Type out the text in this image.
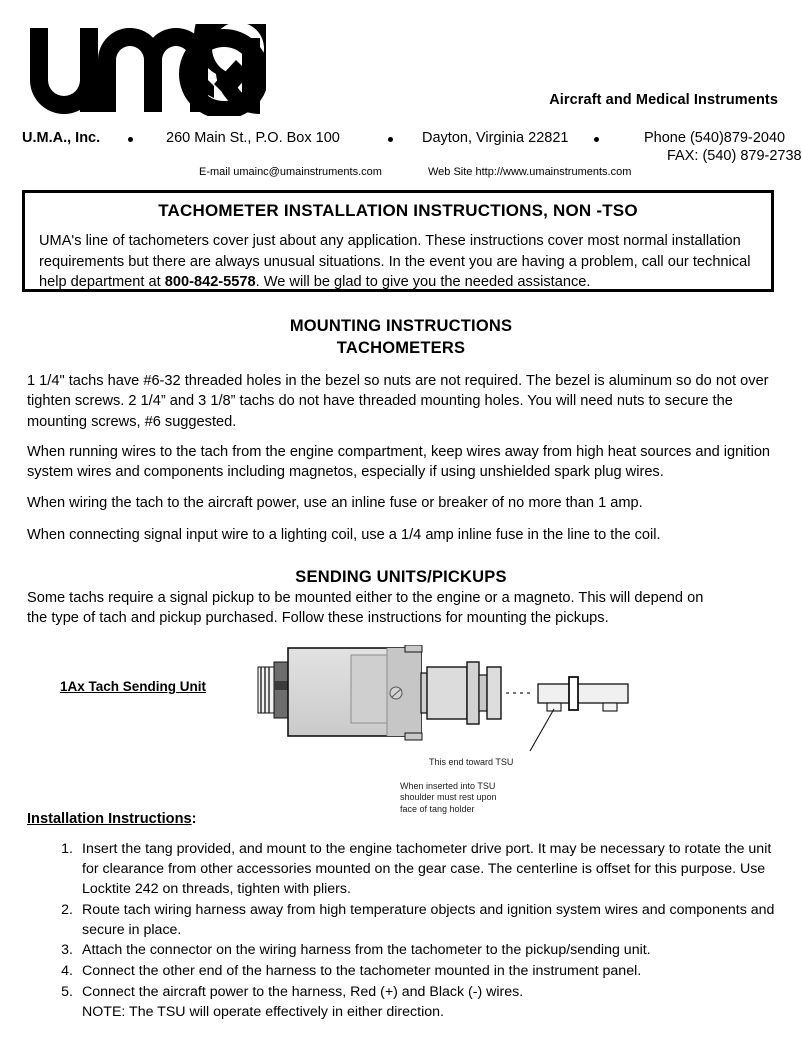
Aircraft and Medical Instruments
U.M.A., Inc.	260 Main St., P.O. Box 100	Dayton, Virginia 22821	Phone (540)879-2040
FAX: (540) 879-2738
E-mail umainc@umainstruments.com	Web Site http://www.umainstruments.com
TACHOMETER INSTALLATION INSTRUCTIONS, NON -TSO
UMA's line of tachometers cover just about any application. These instructions cover most normal installation requirements but there are always unusual situations. In the event you are having a problem, call our technical help department at 800-842-5578. We will be glad to give you the needed assistance.
MOUNTING INSTRUCTIONS
TACHOMETERS
1 1/4" tachs have #6-32 threaded holes in the bezel so nuts are not required. The bezel is aluminum so do not over tighten screws. 2 1/4” and 3 1/8” tachs do not have threaded mounting holes. You will need nuts to secure the mounting screws, #6 suggested.
When running wires to the tach from the engine compartment, keep wires away from high heat sources and ignition system wires and components including magnetos, especially if using unshielded spark plug wires.
When wiring the tach to the aircraft power, use an inline fuse or breaker of no more than 1 amp.
When connecting signal input wire to a lighting coil, use a 1/4 amp inline fuse in the line to the coil.
SENDING UNITS/PICKUPS
Some tachs require a signal pickup to be mounted either to the engine or a magneto. This will depend on the type of tach and pickup purchased. Follow these instructions for mounting the pickups.
1Ax Tach Sending Unit
This end toward TSU
When inserted into TSU
shoulder must rest upon
face of tang holder
Installation Instructions:
1. Insert the tang provided, and mount to the engine tachometer drive port. It may be necessary to rotate the unit for clearance from other accessories mounted on the gear case. The centerline is offset for this purpose. Use Locktite 242 on threads, tighten with pliers.
2. Route tach wiring harness away from high temperature objects and ignition system wires and components and secure in place.
3. Attach the connector on the wiring harness from the tachometer to the pickup/sending unit.
4. Connect the other end of the harness to the tachometer mounted in the instrument panel.
5. Connect the aircraft power to the harness, Red (+) and Black (-) wires.
NOTE: The TSU will operate effectively in either direction.
